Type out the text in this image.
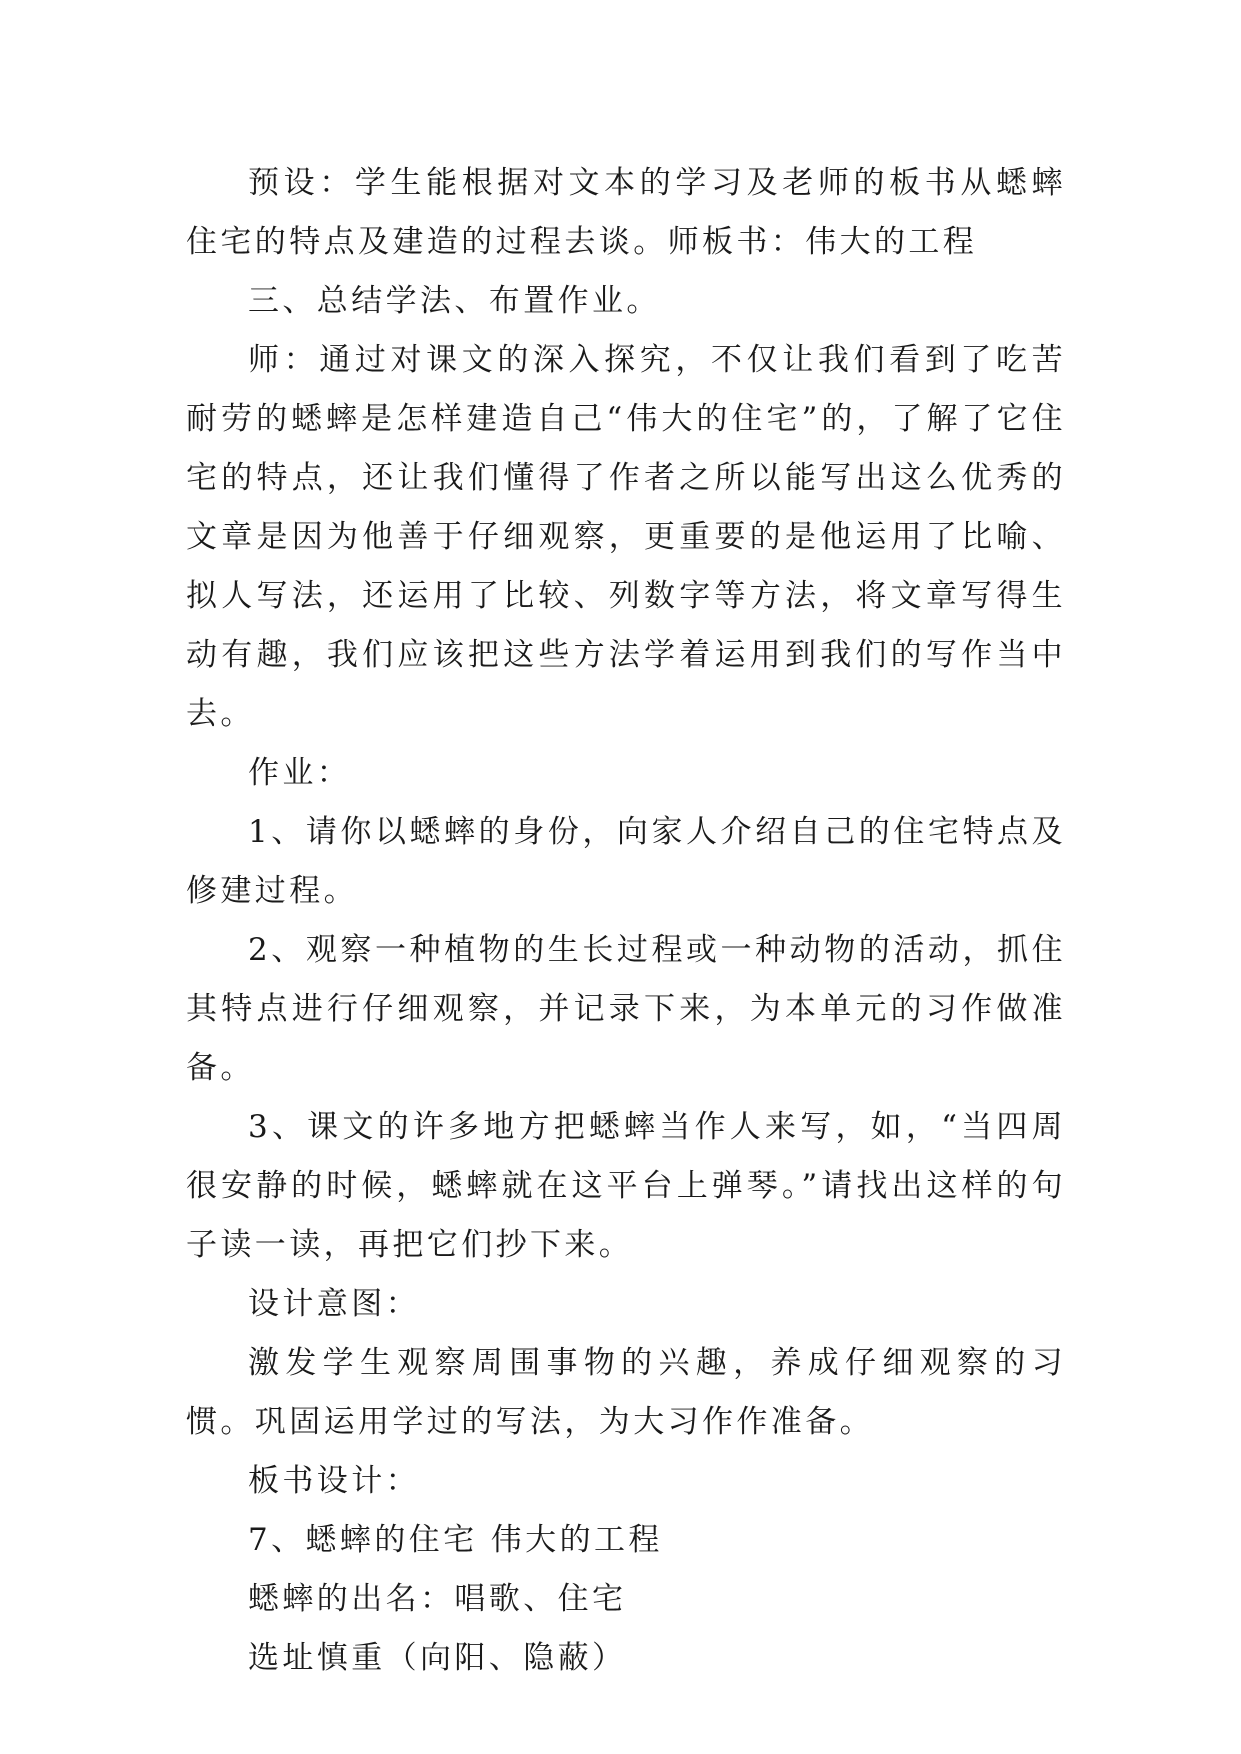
预设：学生能根据对文本的学习及老师的板书从蟋蟀住宅的特点及建造的过程去谈。师板书：伟大的工程

三、总结学法、布置作业。

师：通过对课文的深入探究，不仅让我们看到了吃苦耐劳的蟋蟀是怎样建造自己“伟大的住宅”的，了解了它住宅的特点，还让我们懂得了作者之所以能写出这么优秀的文章是因为他善于仔细观察，更重要的是他运用了比喻、拟人写法，还运用了比较、列数字等方法，将文章写得生动有趣，我们应该把这些方法学着运用到我们的写作当中去。

作业：

1、请你以蟋蟀的身份，向家人介绍自己的住宅特点及修建过程。

2、观察一种植物的生长过程或一种动物的活动，抓住其特点进行仔细观察，并记录下来，为本单元的习作做准备。

3、课文的许多地方把蟋蟀当作人来写，如，“当四周很安静的时候，蟋蟀就在这平台上弹琴。”请找出这样的句子读一读，再把它们抄下来。

设计意图：

激发学生观察周围事物的兴趣，养成仔细观察的习惯。巩固运用学过的写法，为大习作作准备。

板书设计：

7、蟋蟀的住宅 伟大的工程

蟋蟀的出名：唱歌、住宅

选址慎重（向阳、隐蔽）
